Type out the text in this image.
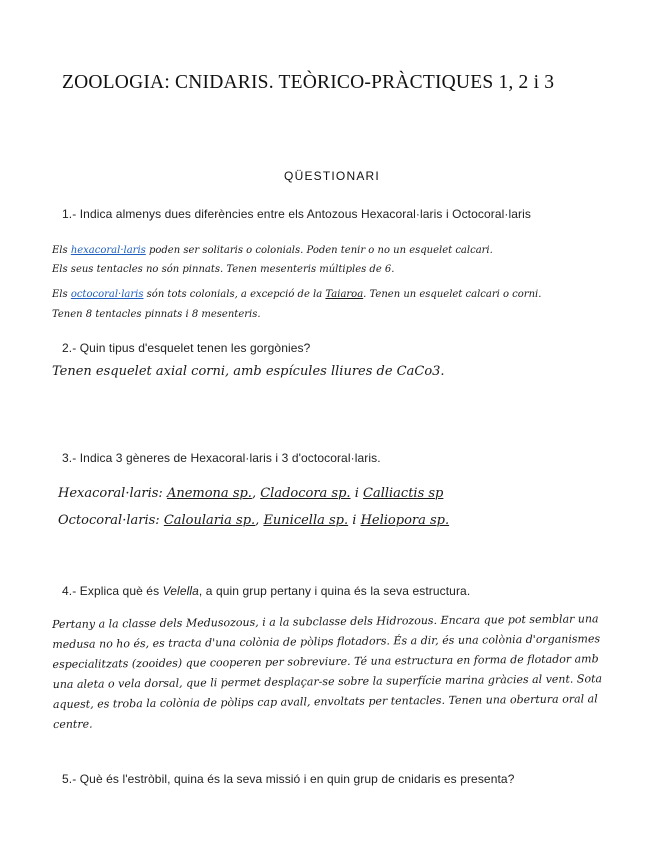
ZOOLOGIA: CNIDARIS. TEÒRICO-PRÀCTIQUES 1, 2 i 3
QÜESTIONARI
1.- Indica almenys dues diferències entre els Antozous Hexacoral·laris i Octocoral·laris
Els hexacoral·laris poden ser solitaris o colonials. Poden tenir o no un esquelet calcari.
Els seus tentacles no són pinnats. Tenen mesenteris múltiples de 6.
Els octocoral·laris són tots colonials, a excepció de la Taiaroa. Tenen un esquelet calcari o corni.
Tenen 8 tentacles pinnats i 8 mesenteris.
2.- Quin tipus d'esquelet tenen les gorgònies?
Tenen esquelet axial corni, amb espícules lliures de CaCo3.
3.- Indica 3 gèneres de Hexacoral·laris i 3 d'octocoral·laris.
Hexacoral·laris: Anemona sp., Cladocora sp. i Calliactis sp
Octocoral·laris: Caloularia sp., Eunicella sp. i Heliopora sp.
4.- Explica què és Velella, a quin grup pertany i quina és la seva estructura.
Pertany a la classe dels Medusozous, i a la subclasse dels Hidrozous. Encara que pot semblar una medusa no ho és, es tracta d'una colònia de pòlips flotadors. És a dir, és una colònia d'organismes especialitzats (zooides) que cooperen per sobreviure. Té una estructura en forma de flotador amb una aleta o vela dorsal, que li permet desplaçar-se sobre la superfície marina gràcies al vent. Sota aquest, es troba la colònia de pòlips cap avall, envoltats per tentacles. Tenen una obertura oral al centre.
5.- Què és l'estròbil, quina és la seva missió i en quin grup de cnidaris es presenta?
